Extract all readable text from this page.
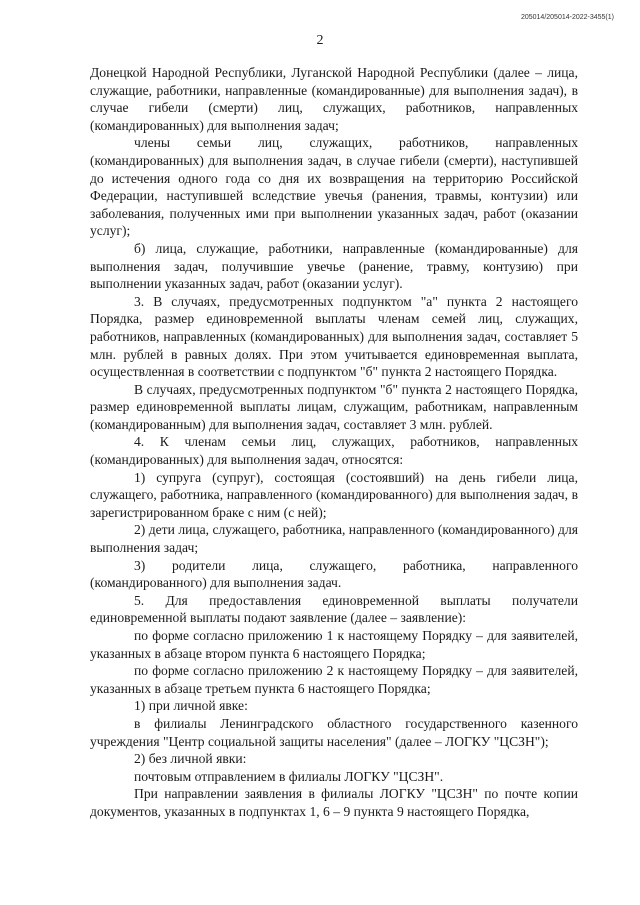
205014/205014-2022-3455(1)
2

Донецкой Народной Республики, Луганской Народной Республики (далее – лица, служащие, работники, направленные (командированные) для выполнения задач), в случае гибели (смерти) лиц, служащих, работников, направленных (командированных) для выполнения задач;

члены семьи лиц, служащих, работников, направленных (командированных) для выполнения задач, в случае гибели (смерти), наступившей до истечения одного года со дня их возвращения на территорию Российской Федерации, наступившей вследствие увечья (ранения, травмы, контузии) или заболевания, полученных ими при выполнении указанных задач, работ (оказании услуг);

б) лица, служащие, работники, направленные (командированные) для выполнения задач, получившие увечье (ранение, травму, контузию) при выполнении указанных задач, работ (оказании услуг).

3. В случаях, предусмотренных подпунктом "а" пункта 2 настоящего Порядка, размер единовременной выплаты членам семей лиц, служащих, работников, направленных (командированных) для выполнения задач, составляет 5 млн. рублей в равных долях. При этом учитывается единовременная выплата, осуществленная в соответствии с подпунктом "б" пункта 2 настоящего Порядка.

В случаях, предусмотренных подпунктом "б" пункта 2 настоящего Порядка, размер единовременной выплаты лицам, служащим, работникам, направленным (командированным) для выполнения задач, составляет 3 млн. рублей.

4. К членам семьи лиц, служащих, работников, направленных (командированных) для выполнения задач, относятся:

1) супруга (супруг), состоящая (состоявший) на день гибели лица, служащего, работника, направленного (командированного) для выполнения задач, в зарегистрированном браке с ним (с ней);

2) дети лица, служащего, работника, направленного (командированного) для выполнения задач;

3) родители лица, служащего, работника, направленного (командированного) для выполнения задач.

5. Для предоставления единовременной выплаты получатели единовременной выплаты подают заявление (далее – заявление):

по форме согласно приложению 1 к настоящему Порядку – для заявителей, указанных в абзаце втором пункта 6 настоящего Порядка;

по форме согласно приложению 2 к настоящему Порядку – для заявителей, указанных в абзаце третьем пункта 6 настоящего Порядка;

1) при личной явке:

в филиалы Ленинградского областного государственного казенного учреждения "Центр социальной защиты населения" (далее – ЛОГКУ "ЦСЗН");

2) без личной явки:

почтовым отправлением в филиалы ЛОГКУ "ЦСЗН".

При направлении заявления в филиалы ЛОГКУ "ЦСЗН" по почте копии документов, указанных в подпунктах 1, 6 – 9 пункта 9 настоящего Порядка,
